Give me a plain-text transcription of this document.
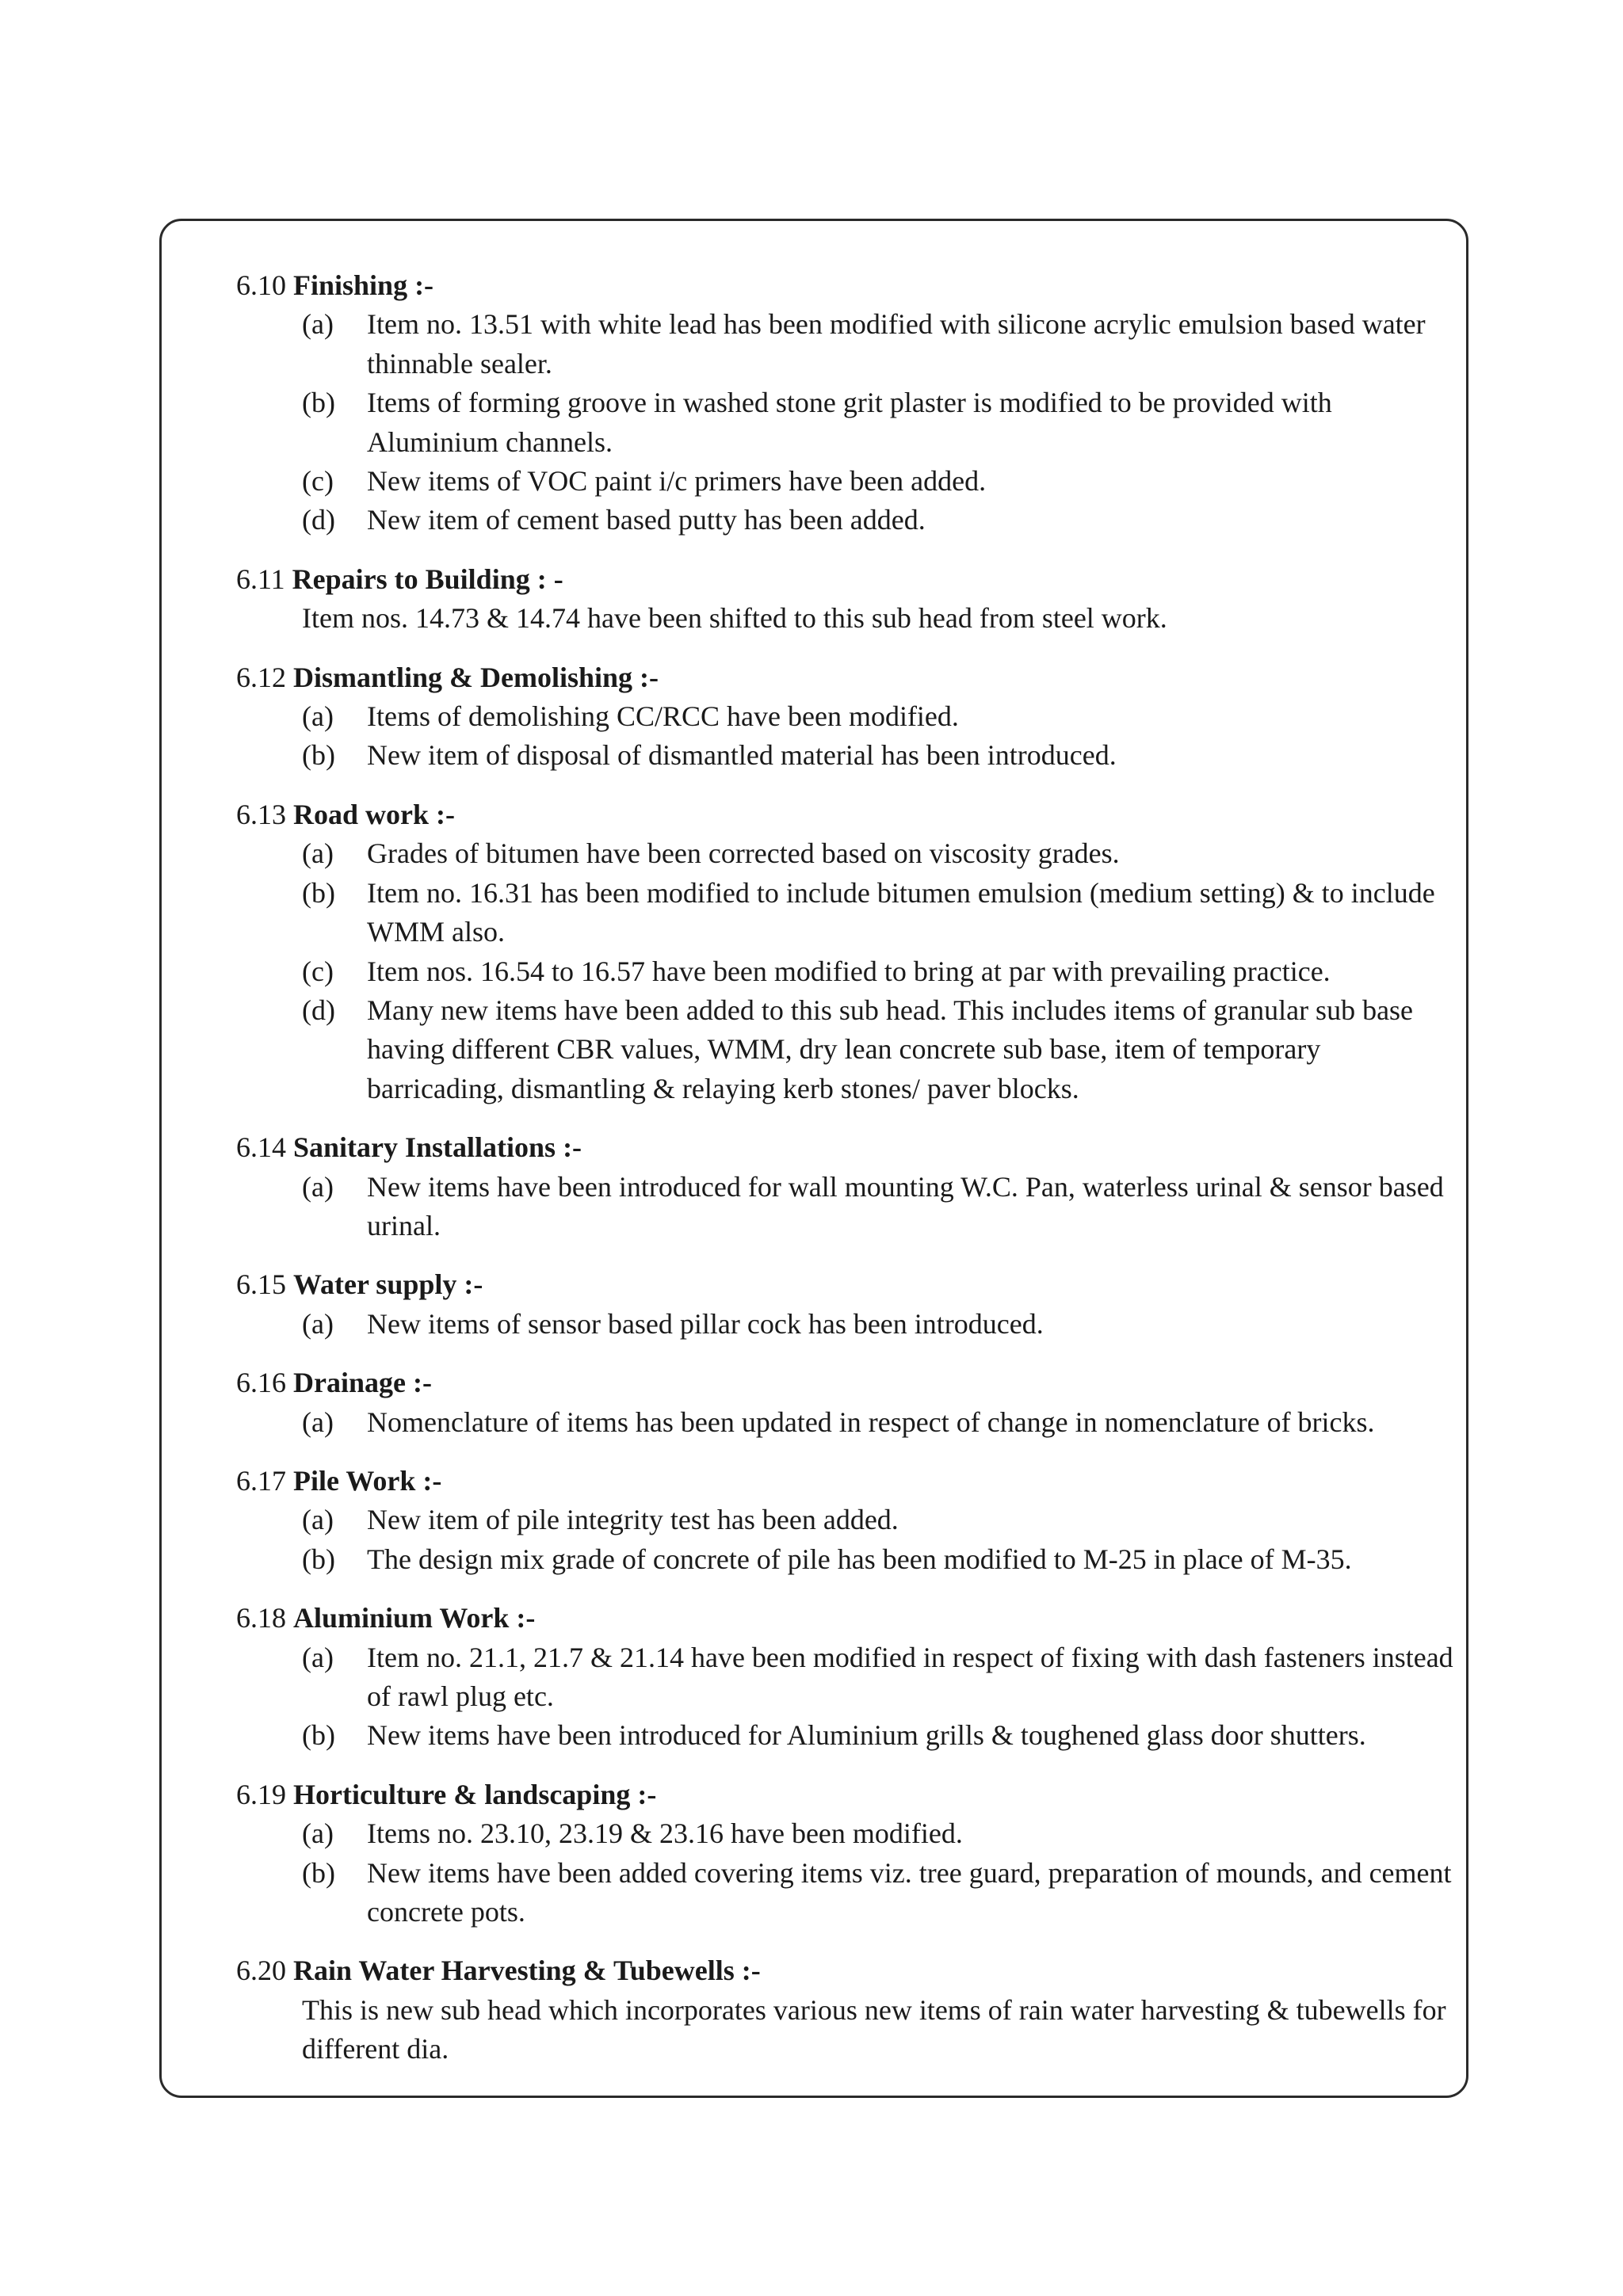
6.10 Finishing :-
(a) Item no. 13.51 with white lead has been modified with silicone acrylic emulsion based water thinnable sealer.
(b) Items of forming groove in washed stone grit plaster is modified to be provided with Aluminium channels.
(c) New items of VOC paint i/c primers have been added.
(d) New item of cement based putty has been added.
6.11 Repairs to Building : -
Item nos. 14.73 & 14.74 have been shifted to this sub head from steel work.
6.12 Dismantling & Demolishing :-
(a) Items of demolishing CC/RCC have been modified.
(b) New item of disposal of dismantled material has been introduced.
6.13 Road work :-
(a) Grades of bitumen have been corrected based on viscosity grades.
(b) Item no. 16.31 has been modified to include bitumen emulsion (medium setting) & to include WMM also.
(c) Item nos. 16.54 to 16.57 have been modified to bring at par with prevailing practice.
(d) Many new items have been added to this sub head. This includes items of granular sub base having different CBR values, WMM, dry lean concrete sub base, item of temporary barricading, dismantling & relaying kerb stones/ paver blocks.
6.14 Sanitary Installations :-
(a) New items have been introduced for wall mounting W.C. Pan, waterless urinal & sensor based urinal.
6.15 Water supply :-
(a) New items of sensor based pillar cock has been introduced.
6.16 Drainage :-
(a) Nomenclature of items has been updated in respect of change in nomenclature of bricks.
6.17 Pile Work :-
(a) New item of pile integrity test has been added.
(b) The design mix grade of concrete of pile has been modified to M-25 in place of M-35.
6.18 Aluminium Work :-
(a) Item no. 21.1, 21.7 & 21.14 have been modified in respect of fixing with dash fasteners instead of rawl plug etc.
(b) New items have been introduced for Aluminium grills & toughened glass door shutters.
6.19 Horticulture & landscaping :-
(a) Items no. 23.10, 23.19 & 23.16 have been modified.
(b) New items have been added covering items viz. tree guard, preparation of mounds, and cement concrete pots.
6.20 Rain Water Harvesting & Tubewells :-
This is new sub head which incorporates various new items of rain water harvesting & tubewells for different dia.
